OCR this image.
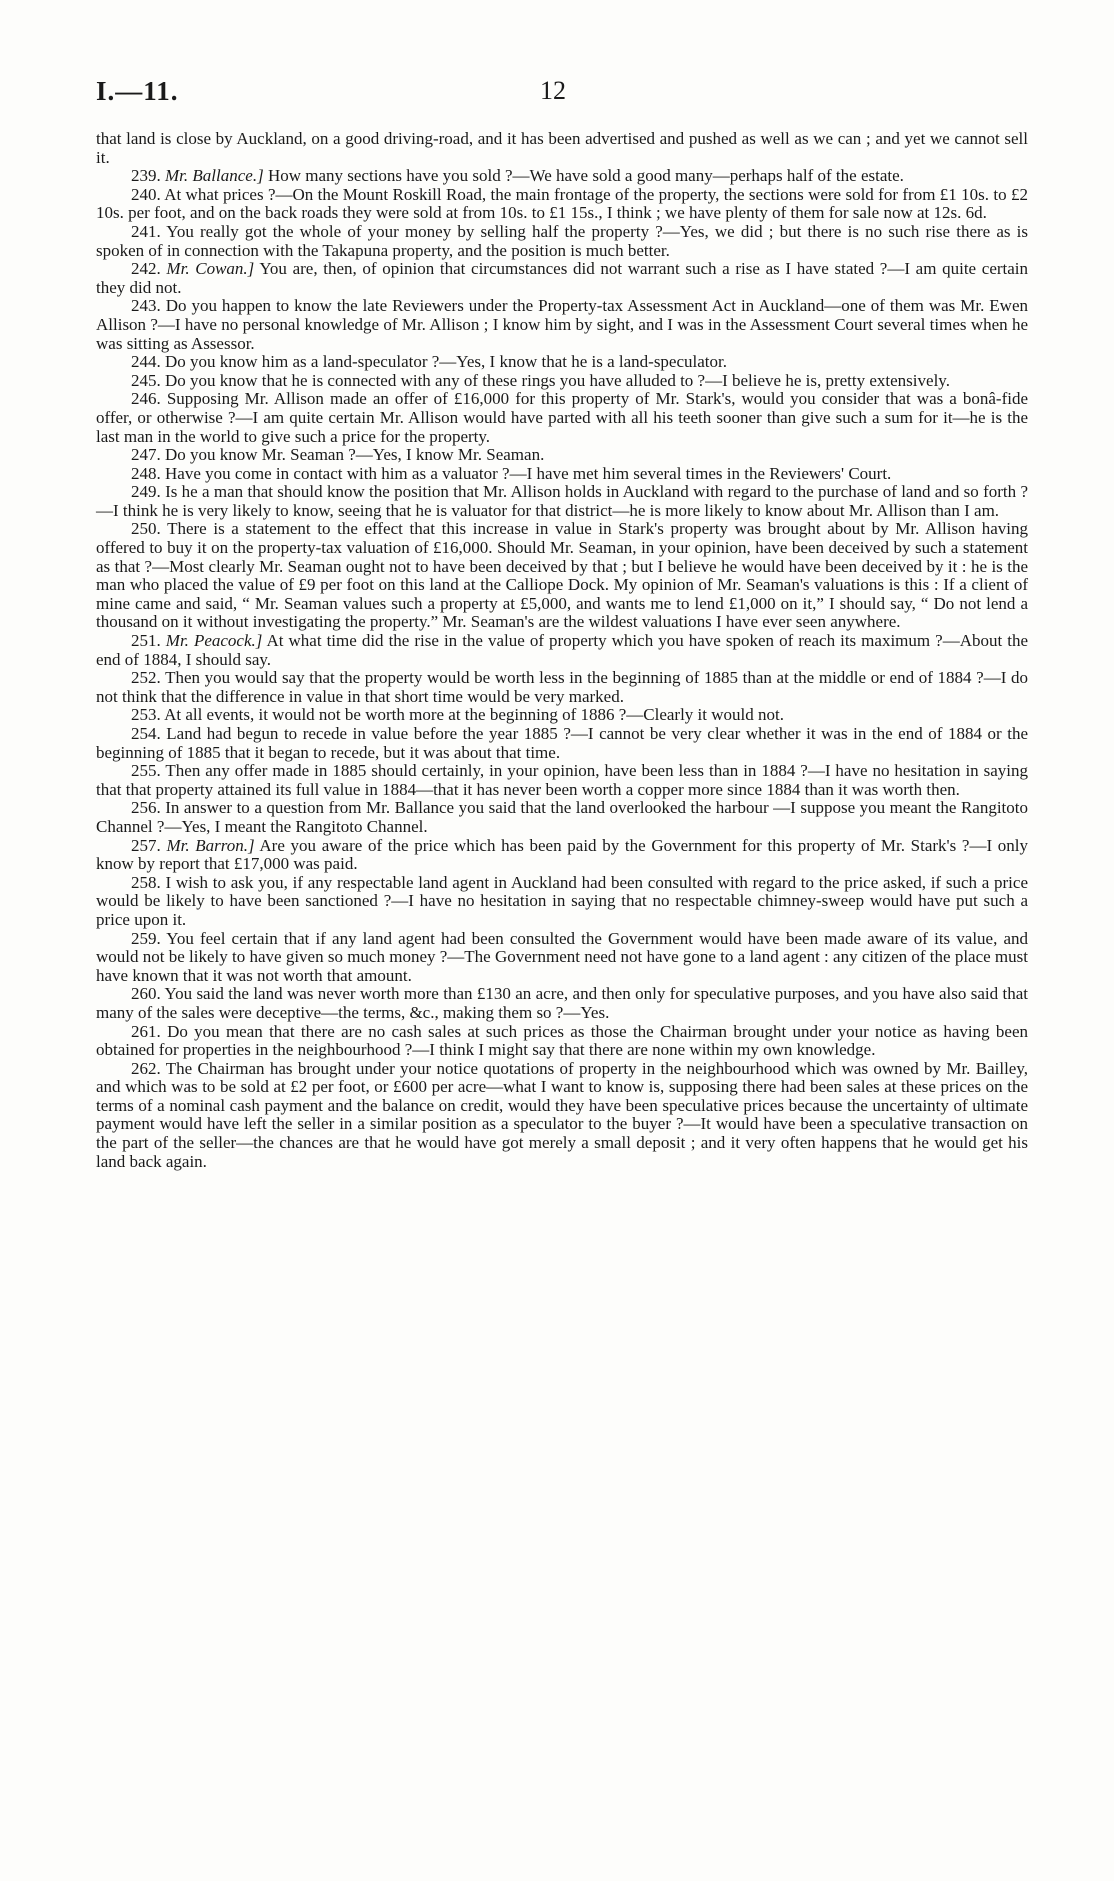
I.—11.	12

that land is close by Auckland, on a good driving-road, and it has been advertised and pushed as well as we can ; and yet we cannot sell it.

239. Mr. Ballance.] How many sections have you sold ?—We have sold a good many—perhaps half of the estate.

240. At what prices ?—On the Mount Roskill Road, the main frontage of the property, the sections were sold for from £1 10s. to £2 10s. per foot, and on the back roads they were sold at from 10s. to £1 15s., I think ; we have plenty of them for sale now at 12s. 6d.

241. You really got the whole of your money by selling half the property ?—Yes, we did ; but there is no such rise there as is spoken of in connection with the Takapuna property, and the position is much better.

242. Mr. Cowan.] You are, then, of opinion that circumstances did not warrant such a rise as I have stated ?—I am quite certain they did not.

243. Do you happen to know the late Reviewers under the Property-tax Assessment Act in Auckland—one of them was Mr. Ewen Allison ?—I have no personal knowledge of Mr. Allison ; I know him by sight, and I was in the Assessment Court several times when he was sitting as Assessor.

244. Do you know him as a land-speculator ?—Yes, I know that he is a land-speculator.

245. Do you know that he is connected with any of these rings you have alluded to ?—I believe he is, pretty extensively.

246. Supposing Mr. Allison made an offer of £16,000 for this property of Mr. Stark's, would you consider that was a bonâ-fide offer, or otherwise ?—I am quite certain Mr. Allison would have parted with all his teeth sooner than give such a sum for it—he is the last man in the world to give such a price for the property.

247. Do you know Mr. Seaman ?—Yes, I know Mr. Seaman.

248. Have you come in contact with him as a valuator ?—I have met him several times in the Reviewers' Court.

249. Is he a man that should know the position that Mr. Allison holds in Auckland with regard to the purchase of land and so forth ?—I think he is very likely to know, seeing that he is valuator for that district—he is more likely to know about Mr. Allison than I am.

250. There is a statement to the effect that this increase in value in Stark's property was brought about by Mr. Allison having offered to buy it on the property-tax valuation of £16,000. Should Mr. Seaman, in your opinion, have been deceived by such a statement as that ?—Most clearly Mr. Seaman ought not to have been deceived by that ; but I believe he would have been deceived by it : he is the man who placed the value of £9 per foot on this land at the Calliope Dock. My opinion of Mr. Seaman's valuations is this : If a client of mine came and said, “ Mr. Seaman values such a property at £5,000, and wants me to lend £1,000 on it,” I should say, “ Do not lend a thousand on it without investigating the property.” Mr. Seaman's are the wildest valuations I have ever seen anywhere.

251. Mr. Peacock.] At what time did the rise in the value of property which you have spoken of reach its maximum ?—About the end of 1884, I should say.

252. Then you would say that the property would be worth less in the beginning of 1885 than at the middle or end of 1884 ?—I do not think that the difference in value in that short time would be very marked.

253. At all events, it would not be worth more at the beginning of 1886 ?—Clearly it would not.

254. Land had begun to recede in value before the year 1885 ?—I cannot be very clear whether it was in the end of 1884 or the beginning of 1885 that it began to recede, but it was about that time.

255. Then any offer made in 1885 should certainly, in your opinion, have been less than in 1884 ?—I have no hesitation in saying that that property attained its full value in 1884—that it has never been worth a copper more since 1884 than it was worth then.

256. In answer to a question from Mr. Ballance you said that the land overlooked the harbour —I suppose you meant the Rangitoto Channel ?—Yes, I meant the Rangitoto Channel.

257. Mr. Barron.] Are you aware of the price which has been paid by the Government for this property of Mr. Stark's ?—I only know by report that £17,000 was paid.

258. I wish to ask you, if any respectable land agent in Auckland had been consulted with regard to the price asked, if such a price would be likely to have been sanctioned ?—I have no hesitation in saying that no respectable chimney-sweep would have put such a price upon it.

259. You feel certain that if any land agent had been consulted the Government would have been made aware of its value, and would not be likely to have given so much money ?—The Government need not have gone to a land agent : any citizen of the place must have known that it was not worth that amount.

260. You said the land was never worth more than £130 an acre, and then only for speculative purposes, and you have also said that many of the sales were deceptive—the terms, &c., making them so ?—Yes.

261. Do you mean that there are no cash sales at such prices as those the Chairman brought under your notice as having been obtained for properties in the neighbourhood ?—I think I might say that there are none within my own knowledge.

262. The Chairman has brought under your notice quotations of property in the neighbourhood which was owned by Mr. Bailley, and which was to be sold at £2 per foot, or £600 per acre—what I want to know is, supposing there had been sales at these prices on the terms of a nominal cash payment and the balance on credit, would they have been speculative prices because the uncertainty of ultimate payment would have left the seller in a similar position as a speculator to the buyer ?—It would have been a speculative transaction on the part of the seller—the chances are that he would have got merely a small deposit ; and it very often happens that he would get his land back again.
